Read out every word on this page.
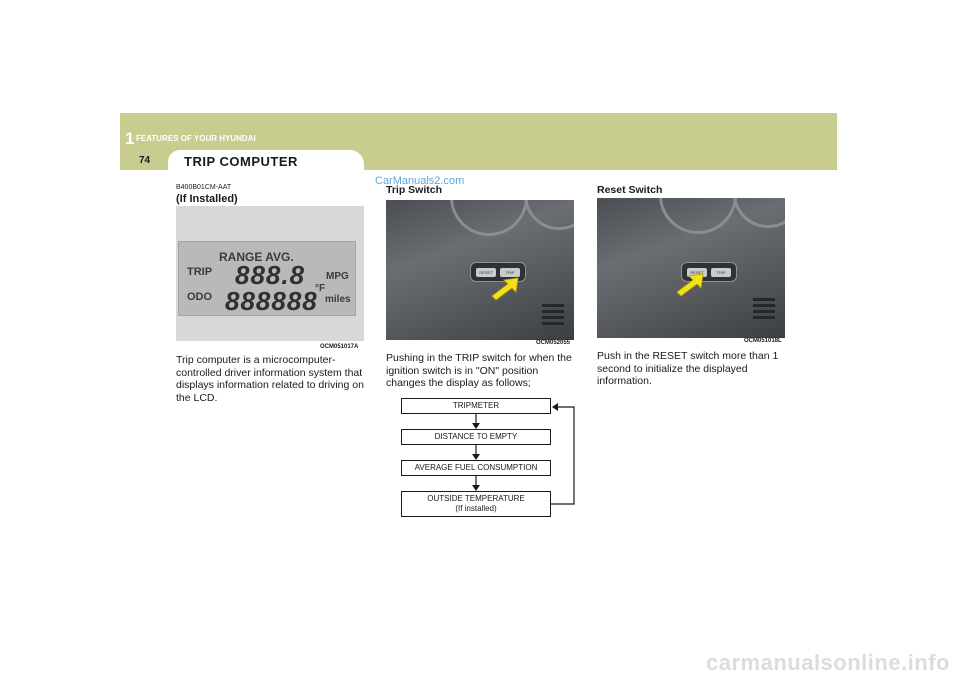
1 FEATURES OF YOUR HYUNDAI
74	TRIP COMPUTER
B400B01CM-AAT
(If Installed)
RANGE AVG.
TRIP
ODO
888.8
888888
MPG
°F
miles
OCM051017A
Trip computer is a microcomputer-controlled driver information system that displays information related to driving on the LCD.
CarManuals2.com
Trip Switch
RESET	TRIP
OCM052055
Pushing in the TRIP switch for when the ignition switch is in "ON" position changes the display as follows;
TRIPMETER
DISTANCE TO EMPTY
AVERAGE FUEL CONSUMPTION
OUTSIDE TEMPERATURE
(If installed)
Reset Switch
RESET	TRIP
OCM051018L
Push in the RESET switch more than 1 second to initialize the displayed information.
carmanualsonline.info
